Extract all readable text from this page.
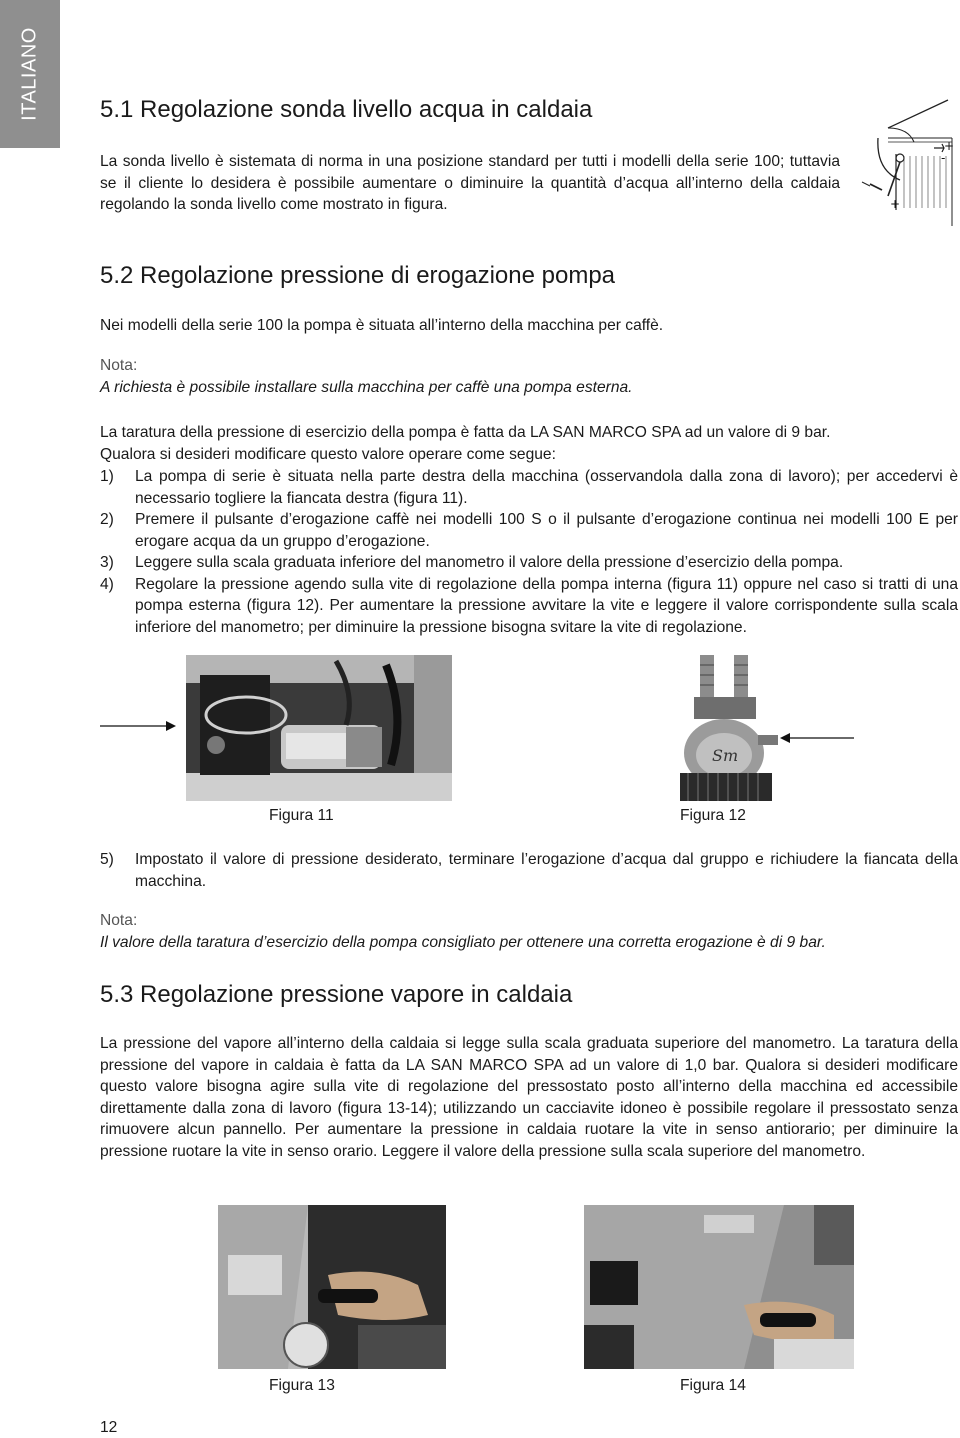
ITALIANO 5.1 Regolazione sonda livello acqua in caldaia

La sonda livello è sistemata di norma in una posizione standard per tutti i modelli della serie 100; tuttavia se il cliente lo desidera è possibile aumentare o diminuire la quantità d’acqua all’interno della caldaia regolando la sonda livello come mostrato in figura.

+
-
+
5.2 Regolazione pressione di erogazione pompa

Nei modelli della serie 100 la pompa è situata all’interno della macchina per caffè.

Nota:

A richiesta è possibile installare sulla macchina per caffè una pompa esterna.

La taratura della pressione di esercizio della pompa è fatta da LA SAN MARCO SPA ad un valore di 9 bar.

Qualora si desideri modificare questo valore operare come segue:

1) La pompa di serie è situata nella parte destra della macchina (osservandola dalla zona di lavoro); per accedervi è necessario togliere la fiancata destra (figura 11).
2) Premere il pulsante d’erogazione caffè nei modelli 100 S o il pulsante d’erogazione continua nei modelli 100 E per erogare acqua da un gruppo d’erogazione.
3) Leggere sulla scala graduata inferiore del manometro il valore della pressione d’esercizio della pompa.
4) Regolare la pressione agendo sulla vite di regolazione della pompa interna (figura 11) oppure nel caso si tratti di una pompa esterna (figura 12). Per aumentare la pressione avvitare la vite e leggere il valore corrispondente sulla scala inferiore del manometro; per diminuire la pressione bisogna svitare la vite di regolazione.

Figura 11

Sm

Figura 12

5) Impostato il valore di pressione desiderato, terminare l’erogazione d’acqua dal gruppo e richiudere la fiancata della macchina.

Nota:

Il valore della taratura d’esercizio della pompa consigliato per ottenere una corretta erogazione è di 9 bar.

5.3 Regolazione pressione vapore in caldaia

La pressione del vapore all’interno della caldaia si legge sulla scala graduata superiore del manometro. La taratura della pressione del vapore in caldaia è fatta da LA SAN MARCO SPA ad un valore di 1,0 bar. Qualora si desideri modificare questo valore bisogna agire sulla vite di regolazione del pressostato posto all’interno della macchina ed accessibile direttamente dalla zona di lavoro (figura 13-14); utilizzando un cacciavite idoneo è possibile regolare il pressostato senza rimuovere alcun pannello. Per aumentare la pressione in caldaia ruotare la vite in senso antiorario; per diminuire la pressione ruotare la vite in senso orario. Leggere il valore della pressione sulla scala superiore del manometro.

Figura 13	Figura 14

12
